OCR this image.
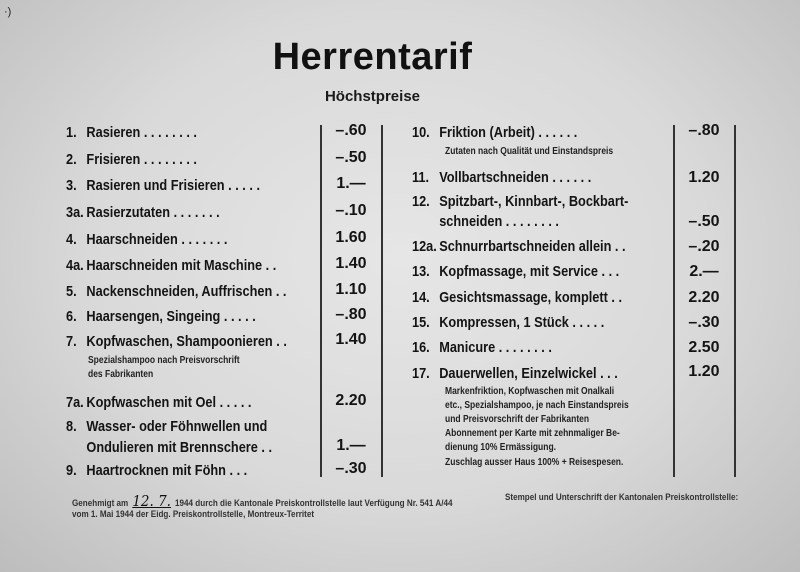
·)
Herrentarif
Höchstpreise
1. Rasieren . . . . . . . .	–.60
2. Frisieren . . . . . . . .	–.50
3. Rasieren und Frisieren . . . . .	1.—
3a. Rasierzutaten . . . . . . .	–.10
4. Haarschneiden . . . . . . .	1.60
4a. Haarschneiden mit Maschine . .	1.40
5. Nackenschneiden, Auffrischen . .	1.10
6. Haarsengen, Singeing . . . . .	–.80
7. Kopfwaschen, Shampoonieren . .	1.40
Spezialshampoo nach Preisvorschrift
des Fabrikanten
7a. Kopfwaschen mit Oel . . . . .	2.20
8. Wasser- oder Föhnwellen und
Ondulieren mit Brennschere . .	1.—
9. Haartrocknen mit Föhn . . .	–.30
10. Friktion (Arbeit) . . . . . .	–.80
Zutaten nach Qualität und Einstandspreis
11. Vollbartschneiden . . . . . .	1.20
12. Spitzbart-, Kinnbart-, Bockbart-
schneiden . . . . . . . .	–.50
12a. Schnurrbartschneiden allein . .	–.20
13. Kopfmassage, mit Service . . .	2.—
14. Gesichtsmassage, komplett . .	2.20
15. Kompressen, 1 Stück . . . . .	–.30
16. Manicure . . . . . . . .	2.50
17. Dauerwellen, Einzelwickel . . .	1.20
Markenfriktion, Kopfwaschen mit Onalkali
etc., Spezialshampoo, je nach Einstandspreis
und Preisvorschrift der Fabrikanten
Abonnement per Karte mit zehnmaliger Be-
dienung 10% Ermässigung.
Zuschlag ausser Haus 100% + Reisespesen.
Genehmigt am 12. 7. 1944 durch die Kantonale Preiskontrollstelle laut Verfügung Nr. 541 A/44
vom 1. Mai 1944 der Eidg. Preiskontrollstelle, Montreux-Territet
Stempel und Unterschrift der Kantonalen Preiskontrollstelle:
